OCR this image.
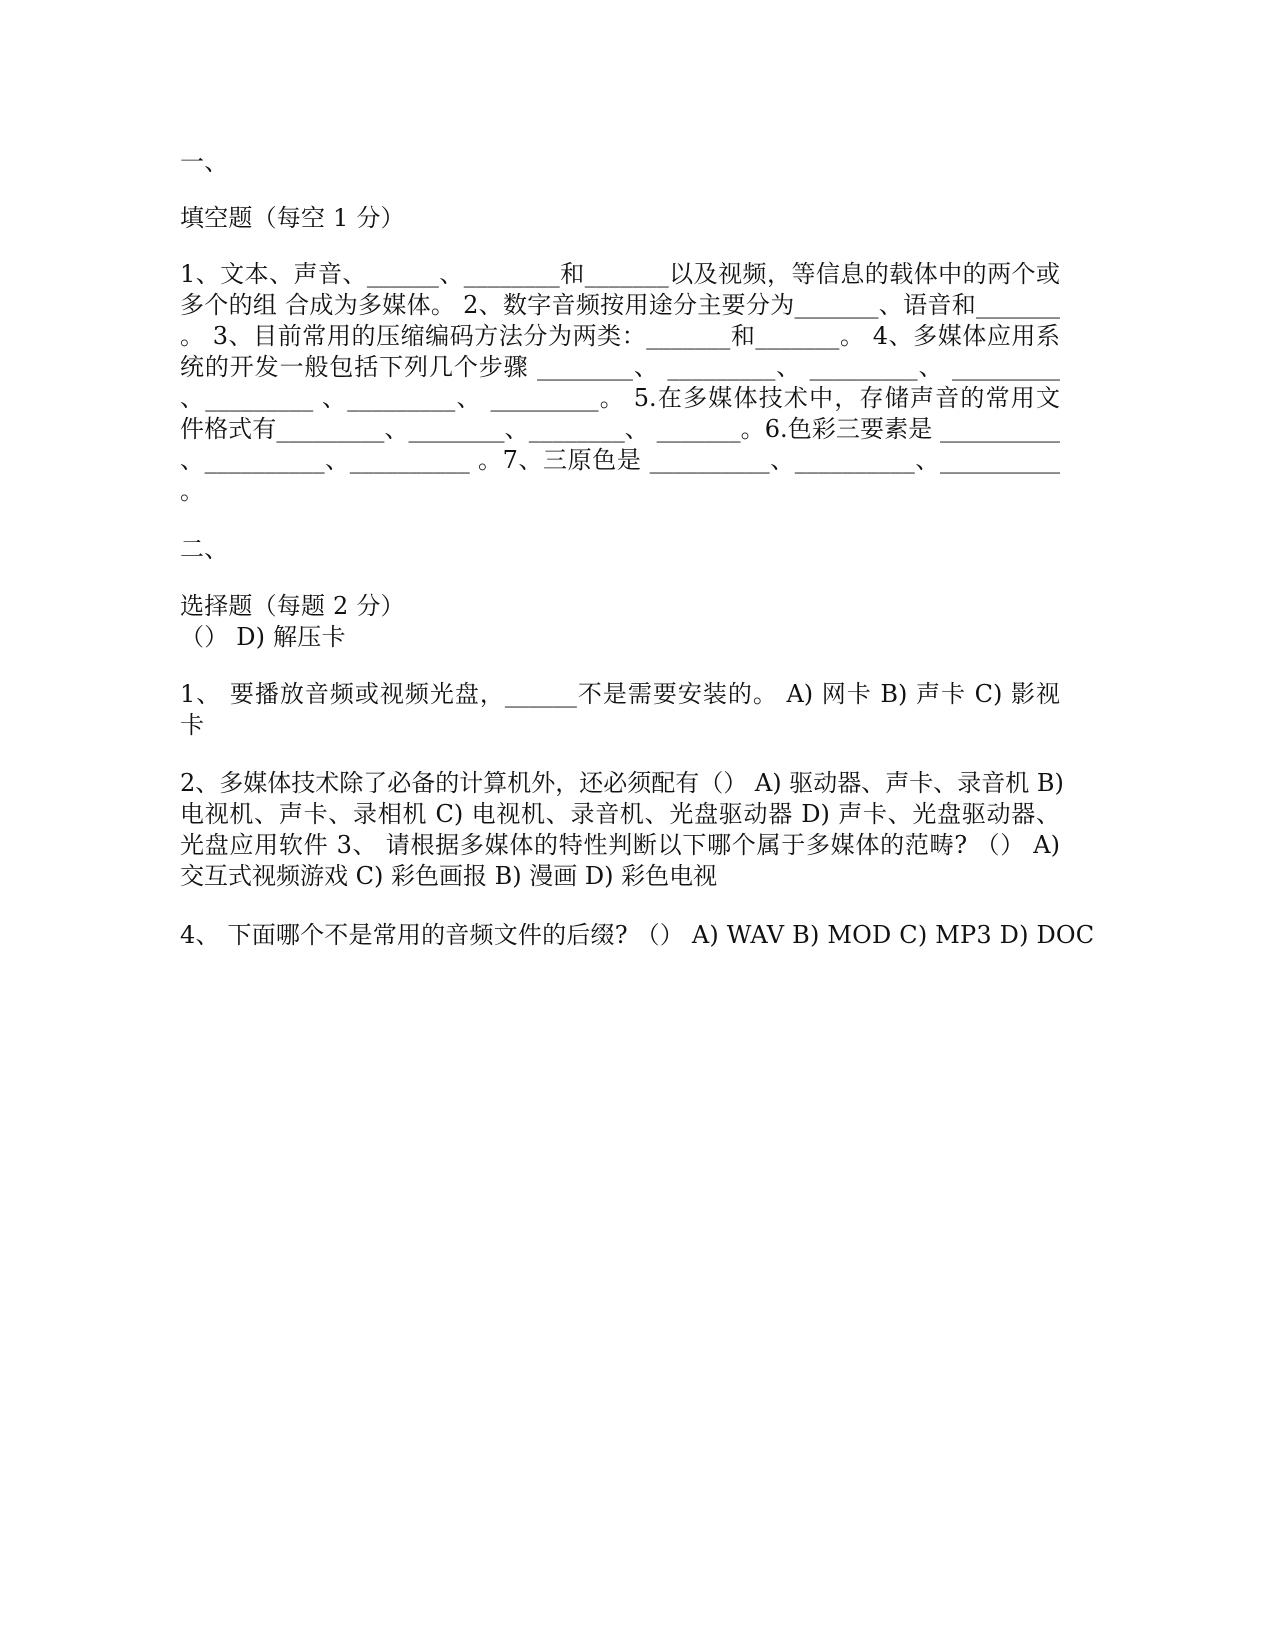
一、
填空题（每空 1 分）
1、文本、声音、______、________和_______以及视频，等信息的载体中的两个或
多个的组 合成为多媒体。 2、数字音频按用途分主要分为_______、语音和_______
。 3、目前常用的压缩编码方法分为两类：_______和_______。 4、多媒体应用系
统的开发一般包括下列几个步骤 ________、 _________、 _________、 _________
、_________ 、_________、 _________。 5.在多媒体技术中，存储声音的常用文
件格式有_________、________、________、 _______。6.色彩三要素是 __________
、__________、__________ 。7、三原色是 __________、__________、__________
。
二、
选择题（每题 2 分）
（） D) 解压卡
1、 要播放音频或视频光盘，______不是需要安装的。 A) 网卡 B) 声卡 C) 影视
卡
2、多媒体技术除了必备的计算机外，还必须配有（） A) 驱动器、声卡、录音机 B)
电视机、声卡、录相机 C) 电视机、录音机、光盘驱动器 D) 声卡、光盘驱动器、
光盘应用软件 3、 请根据多媒体的特性判断以下哪个属于多媒体的范畴? （） A)
交互式视频游戏 C) 彩色画报 B) 漫画 D) 彩色电视
4、 下面哪个不是常用的音频文件的后缀? （） A) WAV B) MOD C) MP3 D) DOC
